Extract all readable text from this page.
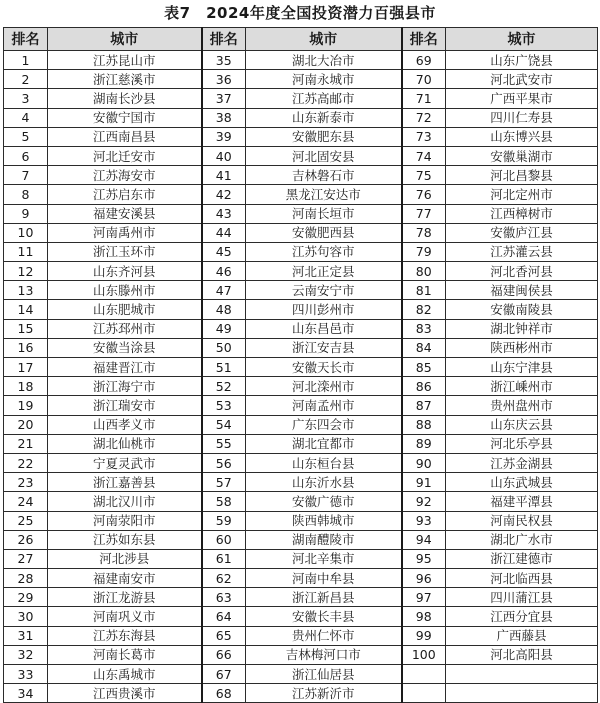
表7　2024年度全国投资潜力百强县市
排名	城市	排名	城市	排名	城市
1	江苏昆山市	35	湖北大冶市	69	山东广饶县
2	浙江慈溪市	36	河南永城市	70	河北武安市
3	湖南长沙县	37	江苏高邮市	71	广西平果市
4	安徽宁国市	38	山东新泰市	72	四川仁寿县
5	江西南昌县	39	安徽肥东县	73	山东博兴县
6	河北迁安市	40	河北固安县	74	安徽巢湖市
7	江苏海安市	41	吉林磐石市	75	河北昌黎县
8	江苏启东市	42	黑龙江安达市	76	河北定州市
9	福建安溪县	43	河南长垣市	77	江西樟树市
10	河南禹州市	44	安徽肥西县	78	安徽庐江县
11	浙江玉环市	45	江苏句容市	79	江苏灌云县
12	山东齐河县	46	河北正定县	80	河北香河县
13	山东滕州市	47	云南安宁市	81	福建闽侯县
14	山东肥城市	48	四川彭州市	82	安徽南陵县
15	江苏邳州市	49	山东昌邑市	83	湖北钟祥市
16	安徽当涂县	50	浙江安吉县	84	陕西彬州市
17	福建晋江市	51	安徽天长市	85	山东宁津县
18	浙江海宁市	52	河北滦州市	86	浙江嵊州市
19	浙江瑞安市	53	河南孟州市	87	贵州盘州市
20	山西孝义市	54	广东四会市	88	山东庆云县
21	湖北仙桃市	55	湖北宜都市	89	河北乐亭县
22	宁夏灵武市	56	山东桓台县	90	江苏金湖县
23	浙江嘉善县	57	山东沂水县	91	山东武城县
24	湖北汉川市	58	安徽广德市	92	福建平潭县
25	河南荥阳市	59	陕西韩城市	93	河南民权县
26	江苏如东县	60	湖南醴陵市	94	湖北广水市
27	河北涉县	61	河北辛集市	95	浙江建德市
28	福建南安市	62	河南中牟县	96	河北临西县
29	浙江龙游县	63	浙江新昌县	97	四川蒲江县
30	河南巩义市	64	安徽长丰县	98	江西分宜县
31	江苏东海县	65	贵州仁怀市	99	广西藤县
32	河南长葛市	66	吉林梅河口市	100	河北高阳县
33	山东禹城市	67	浙江仙居县		
34	江西贵溪市	68	江苏新沂市		
